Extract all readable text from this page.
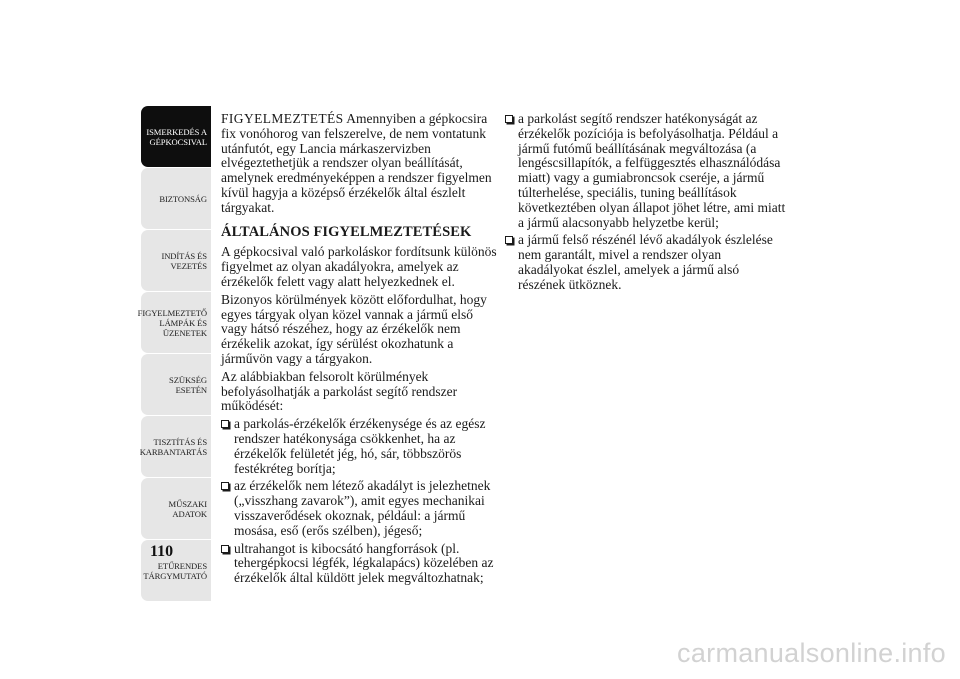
ISMERKEDÉS A
GÉPKOCSIVAL
BIZTONSÁG
INDÍTÁS ÉS
VEZETÉS
FIGYELMEZTETŐ
LÁMPÁK ÉS
ÜZENETEK
SZÜKSÉG ESETÉN
TISZTÍTÁS ÉS
KARBANTARTÁS
MŰSZAKI ADATOK
ETŰRENDES
TÁRGYMUTATÓ
110

FIGYELMEZTETÉS Amennyiben a gépkocsira fix vonóhorog van felszerelve, de nem vontatunk utánfutót, egy Lancia márkaszervizben elvégeztethetjük a rendszer olyan beállítását, amelynek eredményeképpen a rendszer figyelmen kívül hagyja a középső érzékelők által észlelt tárgyakat.

ÁLTALÁNOS FIGYELMEZTETÉSEK

A gépkocsival való parkoláskor fordítsunk különös figyelmet az olyan akadályokra, amelyek az érzékelők felett vagy alatt helyezkednek el.

Bizonyos körülmények között előfordulhat, hogy egyes tárgyak olyan közel vannak a jármű első vagy hátsó részéhez, hogy az érzékelők nem érzékelik azokat, így sérülést okozhatunk a járművön vagy a tárgyakon.

Az alábbiakban felsorolt körülmények befolyásolhatják a parkolást segítő rendszer működését:

a parkolás-érzékelők érzékenysége és az egész rendszer hatékonysága csökkenhet, ha az érzékelők felületét jég, hó, sár, többszörös festékréteg borítja;
az érzékelők nem létező akadályt is jelezhetnek („visszhang zavarok”), amit egyes mechanikai visszaverődések okoznak, például: a jármű mosása, eső (erős szélben), jégeső;
ultrahangot is kibocsátó hangforrások (pl. tehergépkocsi légfék, légkalapács) közelében az érzékelők által küldött jelek megváltozhatnak;
a parkolást segítő rendszer hatékonyságát az érzékelők pozíciója is befolyásolhatja. Például a jármű futómű beállításának megváltozása (a lengéscsillapítók, a felfüggesztés elhasználódása miatt) vagy a gumiabroncsok cseréje, a jármű túlterhelése, speciális, tuning beállítások következtében olyan állapot jöhet létre, ami miatt a jármű alacsonyabb helyzetbe kerül;
a jármű felső részénél lévő akadályok észlelése nem garantált, mivel a rendszer olyan akadályokat észlel, amelyek a jármű alsó részének ütköznek.
carmanualsonline.info
